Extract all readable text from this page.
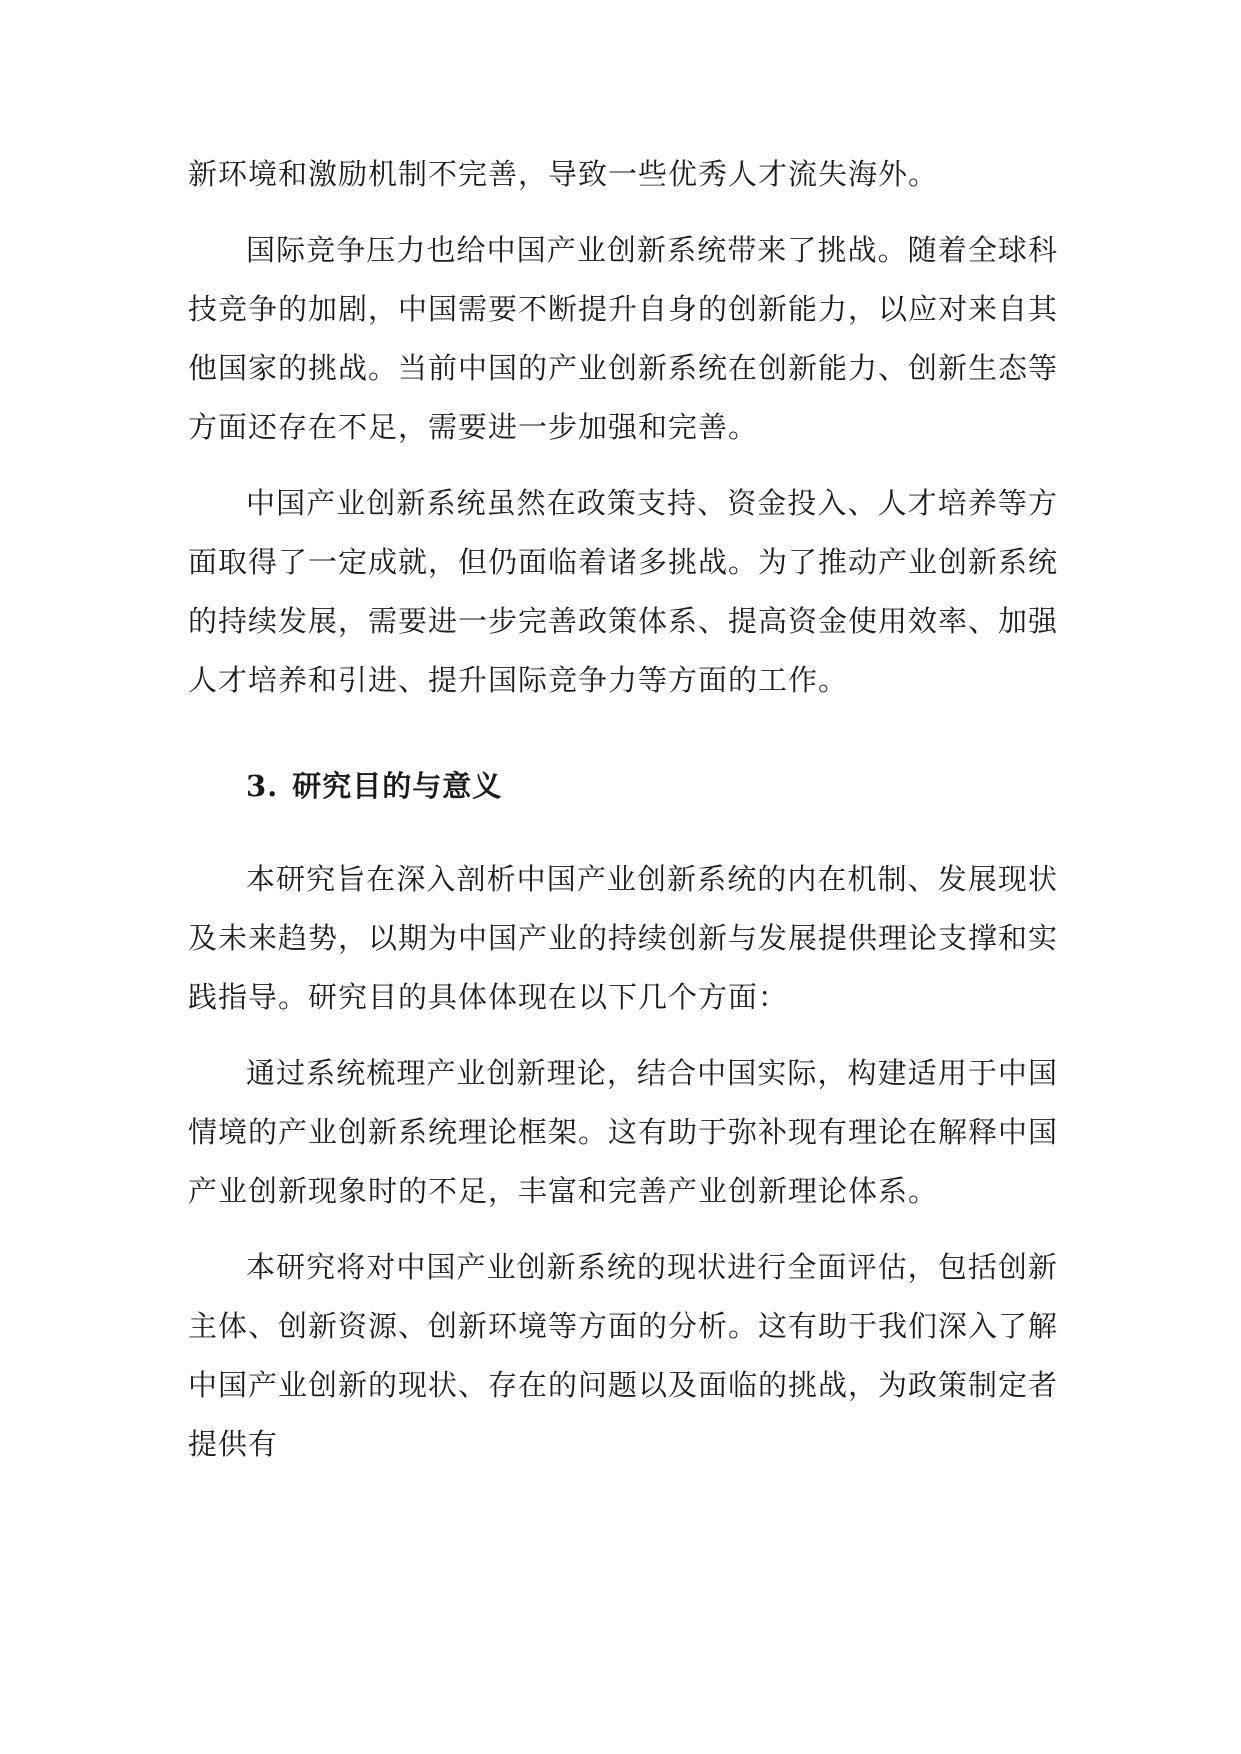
新环境和激励机制不完善，导致一些优秀人才流失海外。

国际竞争压力也给中国产业创新系统带来了挑战。随着全球科技竞争的加剧，中国需要不断提升自身的创新能力，以应对来自其他国家的挑战。当前中国的产业创新系统在创新能力、创新生态等方面还存在不足，需要进一步加强和完善。

中国产业创新系统虽然在政策支持、资金投入、人才培养等方面取得了一定成就，但仍面临着诸多挑战。为了推动产业创新系统的持续发展，需要进一步完善政策体系、提高资金使用效率、加强人才培养和引进、提升国际竞争力等方面的工作。

3. 研究目的与意义

本研究旨在深入剖析中国产业创新系统的内在机制、发展现状及未来趋势，以期为中国产业的持续创新与发展提供理论支撑和实践指导。研究目的具体体现在以下几个方面：

通过系统梳理产业创新理论，结合中国实际，构建适用于中国情境的产业创新系统理论框架。这有助于弥补现有理论在解释中国产业创新现象时的不足，丰富和完善产业创新理论体系。

本研究将对中国产业创新系统的现状进行全面评估，包括创新主体、创新资源、创新环境等方面的分析。这有助于我们深入了解中国产业创新的现状、存在的问题以及面临的挑战，为政策制定者提供有
